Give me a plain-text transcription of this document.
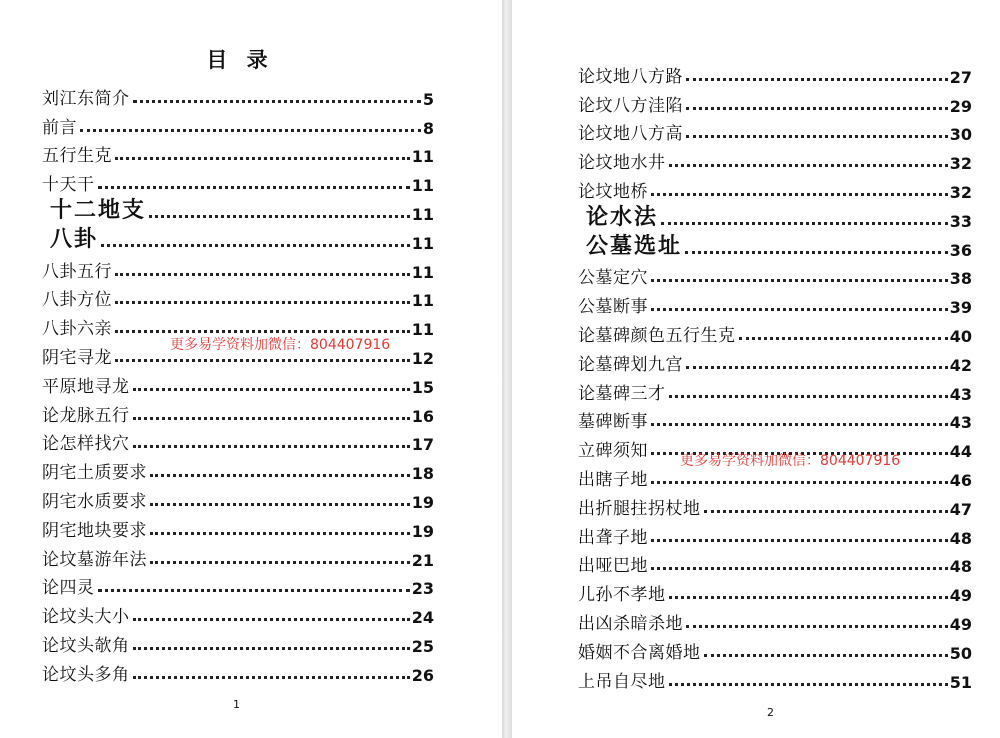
目 录
刘江东简介	5
前言	8
五行生克	11
十天干	11
十二地支	11
八卦	11
八卦五行	11
八卦方位	11
八卦六亲	11
阴宅寻龙	12
平原地寻龙	15
论龙脉五行	16
论怎样找穴	17
阴宅土质要求	18
阴宅水质要求	19
阴宅地块要求	19
论坟墓游年法	21
论四灵	23
论坟头大小	24
论坟头欹角	25
论坟头多角	26
更多易学资料加微信：804407916
1
论坟地八方路	27
论坟八方洼陷	29
论坟地八方高	30
论坟地水井	32
论坟地桥	32
论水法	33
公墓选址	36
公墓定穴	38
公墓断事	39
论墓碑颜色五行生克	40
论墓碑划九宫	42
论墓碑三才	43
墓碑断事	43
立碑须知	44
出瞎子地	46
出折腿拄拐杖地	47
出聋子地	48
出哑巴地	48
儿孙不孝地	49
出凶杀暗杀地	49
婚姻不合离婚地	50
上吊自尽地	51
更多易学资料加微信：804407916
2
